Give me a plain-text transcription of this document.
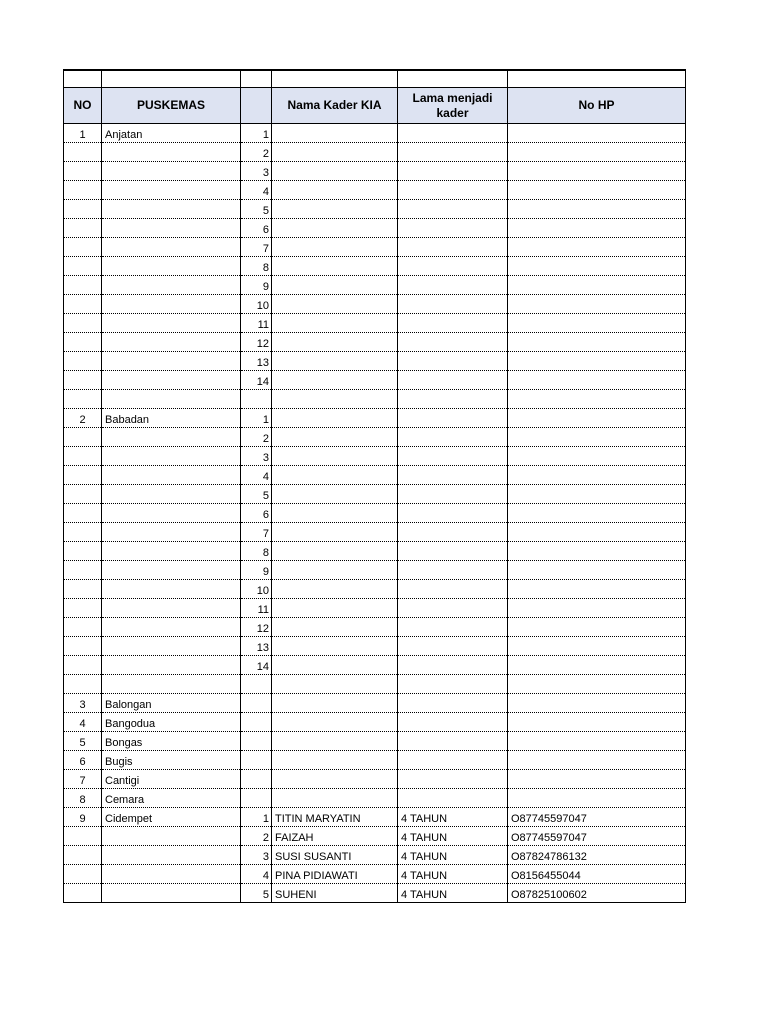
NO	PUSKEMAS		Nama Kader KIA	Lama menjadi kader	No HP
1	Anjatan	1			
		2			
		3			
		4			
		5			
		6			
		7			
		8			
		9			
		10			
		11			
		12			
		13			
		14			

2	Babadan	1			
		2			
		3			
		4			
		5			
		6			
		7			
		8			
		9			
		10			
		11			
		12			
		13			
		14			

3	Balongan				
4	Bangodua				
5	Bongas				
6	Bugis				
7	Cantigi				
8	Cemara				
9	Cidempet	1	TITIN MARYATIN	4 TAHUN	O87745597047
		2	FAIZAH	4 TAHUN	O87745597047
		3	SUSI SUSANTI	4 TAHUN	O87824786132
		4	PINA PIDIAWATI	4 TAHUN	O8156455044
		5	SUHENI	4 TAHUN	O87825100602
